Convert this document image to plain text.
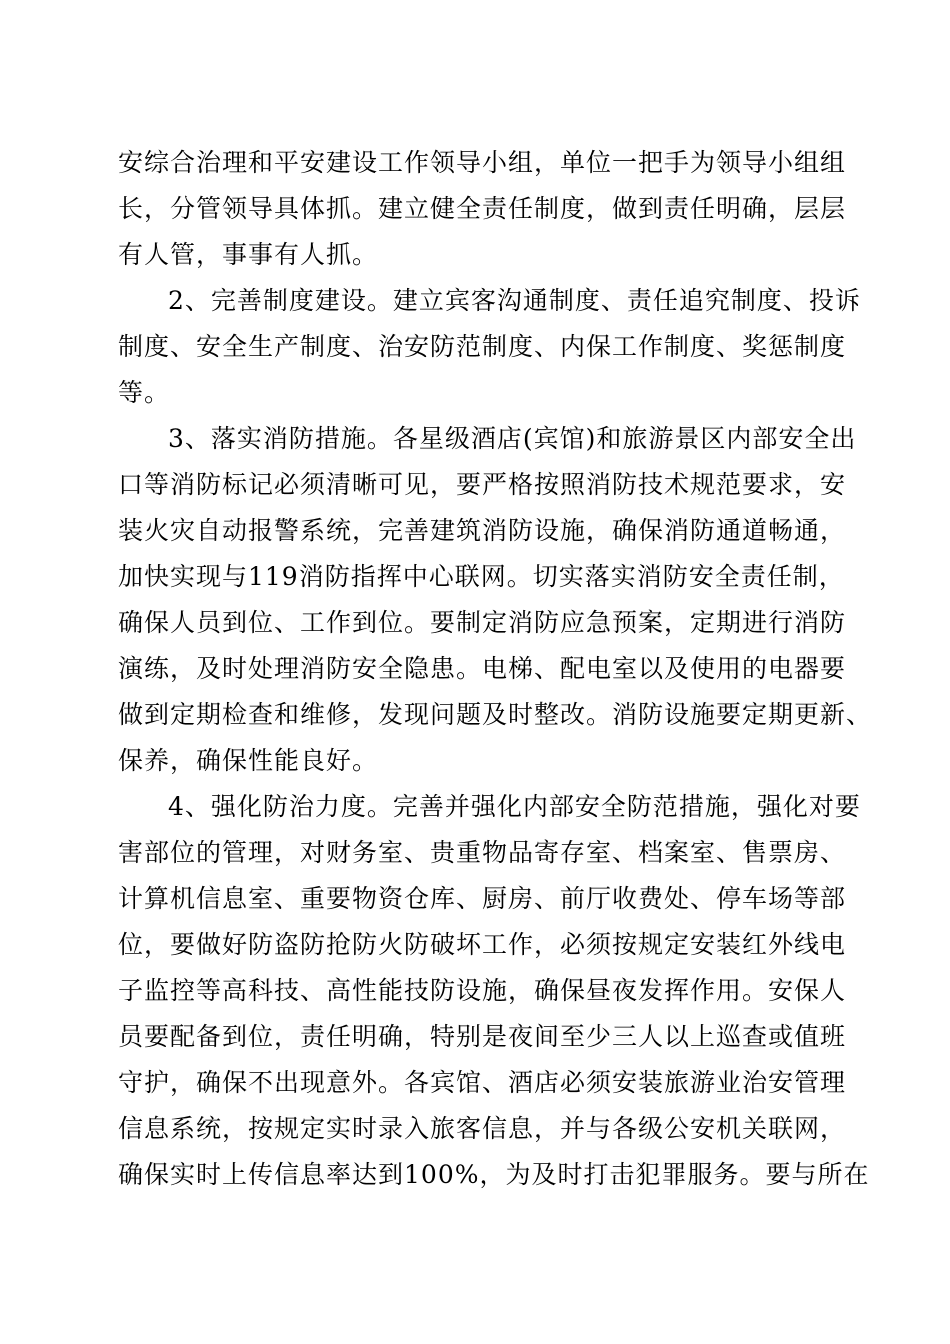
安综合治理和平安建设工作领导小组，单位一把手为领导小组组
长，分管领导具体抓。建立健全责任制度，做到责任明确，层层
有人管，事事有人抓。
2、完善制度建设。建立宾客沟通制度、责任追究制度、投诉
制度、安全生产制度、治安防范制度、内保工作制度、奖惩制度
等。
3、落实消防措施。各星级酒店(宾馆)和旅游景区内部安全出
口等消防标记必须清晰可见，要严格按照消防技术规范要求，安
装火灾自动报警系统，完善建筑消防设施，确保消防通道畅通，
加快实现与119消防指挥中心联网。切实落实消防安全责任制，
确保人员到位、工作到位。要制定消防应急预案，定期进行消防
演练，及时处理消防安全隐患。电梯、配电室以及使用的电器要
做到定期检查和维修，发现问题及时整改。消防设施要定期更新、
保养，确保性能良好。
4、强化防治力度。完善并强化内部安全防范措施，强化对要
害部位的管理，对财务室、贵重物品寄存室、档案室、售票房、
计算机信息室、重要物资仓库、厨房、前厅收费处、停车场等部
位，要做好防盗防抢防火防破坏工作，必须按规定安装红外线电
子监控等高科技、高性能技防设施，确保昼夜发挥作用。安保人
员要配备到位，责任明确，特别是夜间至少三人以上巡查或值班
守护，确保不出现意外。各宾馆、酒店必须安装旅游业治安管理
信息系统，按规定实时录入旅客信息，并与各级公安机关联网，
确保实时上传信息率达到100%，为及时打击犯罪服务。要与所在
